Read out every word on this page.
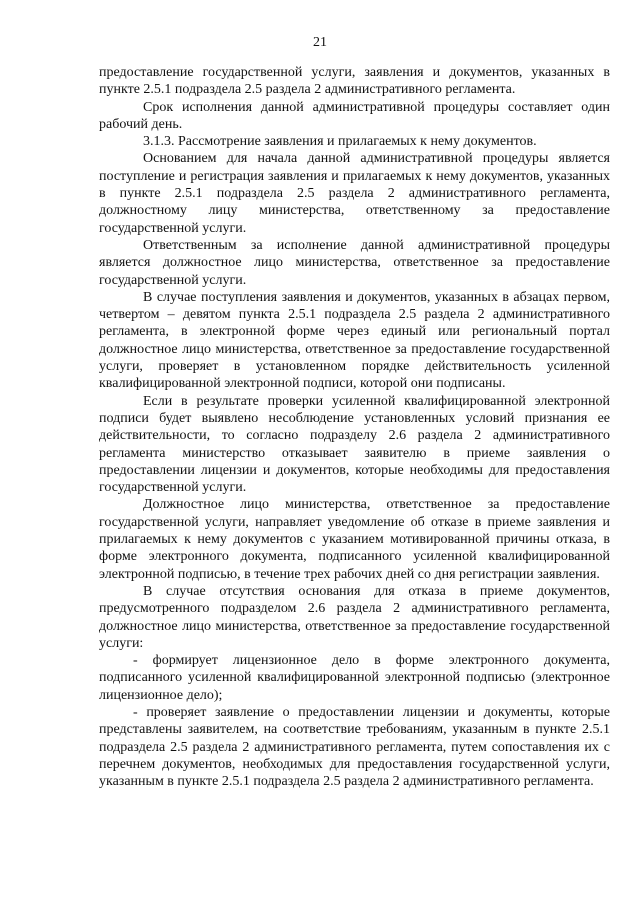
21

предоставление государственной услуги, заявления и документов, указанных в пункте 2.5.1 подраздела 2.5 раздела 2 административного регламента.

Срок исполнения данной административной процедуры составляет один рабочий день.

3.1.3. Рассмотрение заявления и прилагаемых к нему документов.

Основанием для начала данной административной процедуры является поступление и регистрация заявления и прилагаемых к нему документов, указанных в пункте 2.5.1 подраздела 2.5 раздела 2 административного регламента, должностному лицу министерства, ответственному за предоставление государственной услуги.

Ответственным за исполнение данной административной процедуры является должностное лицо министерства, ответственное за предоставление государственной услуги.

В случае поступления заявления и документов, указанных в абзацах первом, четвертом – девятом пункта 2.5.1 подраздела 2.5 раздела 2 административного регламента, в электронной форме через единый или региональный портал должностное лицо министерства, ответственное за предоставление государственной услуги, проверяет в установленном порядке действительность усиленной квалифицированной электронной подписи, которой они подписаны.

Если в результате проверки усиленной квалифицированной электронной подписи будет выявлено несоблюдение установленных условий признания ее действительности, то согласно подразделу 2.6 раздела 2 административного регламента министерство отказывает заявителю в приеме заявления о предоставлении лицензии и документов, которые необходимы для предоставления государственной услуги.

Должностное лицо министерства, ответственное за предоставление государственной услуги, направляет уведомление об отказе в приеме заявления и прилагаемых к нему документов с указанием мотивированной причины отказа, в форме электронного документа, подписанного усиленной квалифицированной электронной подписью, в течение трех рабочих дней со дня регистрации заявления.

В случае отсутствия основания для отказа в приеме документов, предусмотренного подразделом 2.6 раздела 2 административного регламента, должностное лицо министерства, ответственное за предоставление государственной услуги:

- формирует лицензионное дело в форме электронного документа, подписанного усиленной квалифицированной электронной подписью (электронное лицензионное дело);

- проверяет заявление о предоставлении лицензии и документы, которые представлены заявителем, на соответствие требованиям, указанным в пункте 2.5.1 подраздела 2.5 раздела 2 административного регламента, путем сопоставления их с перечнем документов, необходимых для предоставления государственной услуги, указанным в пункте 2.5.1 подраздела 2.5 раздела 2 административного регламента.
